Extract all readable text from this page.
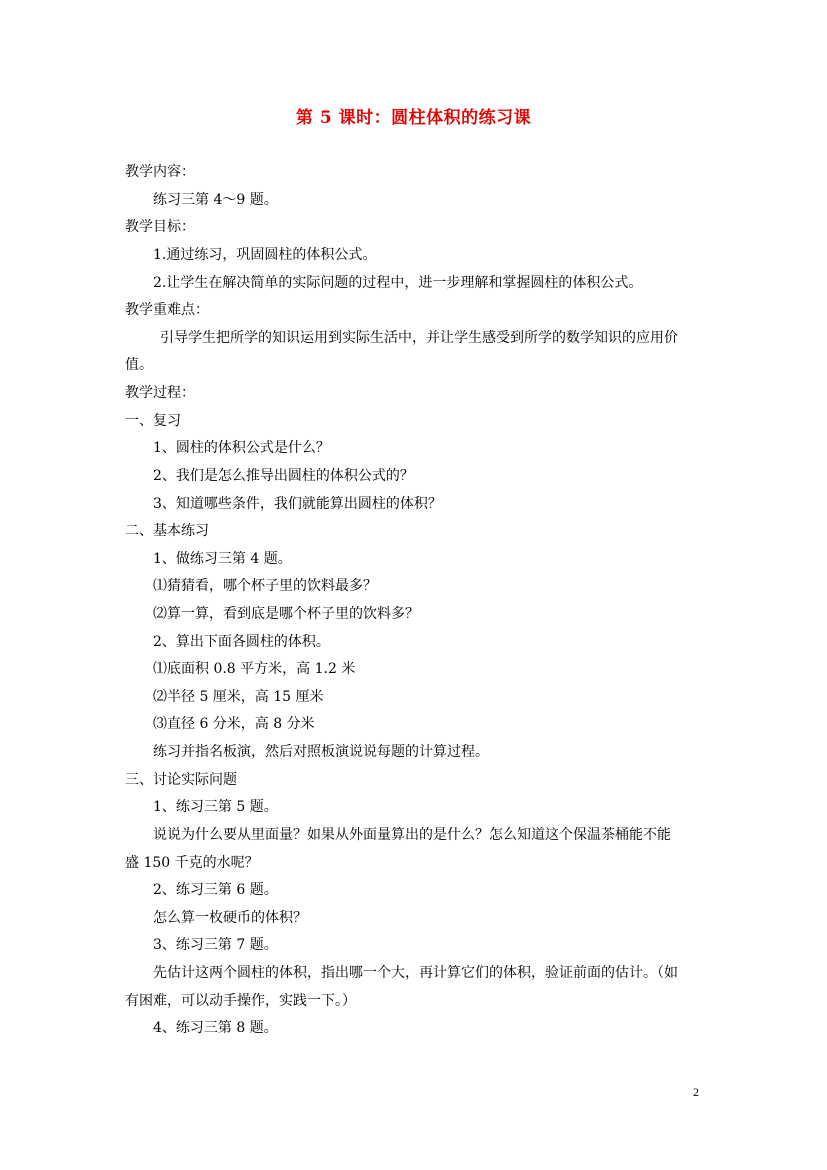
第 5 课时：圆柱体积的练习课
教学内容：
练习三第 4～9 题。
教学目标：
1.通过练习，巩固圆柱的体积公式。
2.让学生在解决简单的实际问题的过程中，进一步理解和掌握圆柱的体积公式。
教学重难点：
引导学生把所学的知识运用到实际生活中，并让学生感受到所学的数学知识的应用价
值。
教学过程：
一、复习
1、圆柱的体积公式是什么？
2、我们是怎么推导出圆柱的体积公式的？
3、知道哪些条件，我们就能算出圆柱的体积？
二、基本练习
1、做练习三第 4 题。
⑴猜猜看，哪个杯子里的饮料最多？
⑵算一算，看到底是哪个杯子里的饮料多？
2、算出下面各圆柱的体积。
⑴底面积 0.8 平方米，高 1.2 米
⑵半径 5 厘米，高 15 厘米
⑶直径 6 分米，高 8 分米
练习并指名板演，然后对照板演说说每题的计算过程。
三、讨论实际问题
1、练习三第 5 题。
说说为什么要从里面量？如果从外面量算出的是什么？怎么知道这个保温茶桶能不能
盛 150 千克的水呢？
2、练习三第 6 题。
怎么算一枚硬币的体积？
3、练习三第 7 题。
先估计这两个圆柱的体积，指出哪一个大，再计算它们的体积，验证前面的估计。（如
有困难，可以动手操作，实践一下。）
4、练习三第 8 题。
2
